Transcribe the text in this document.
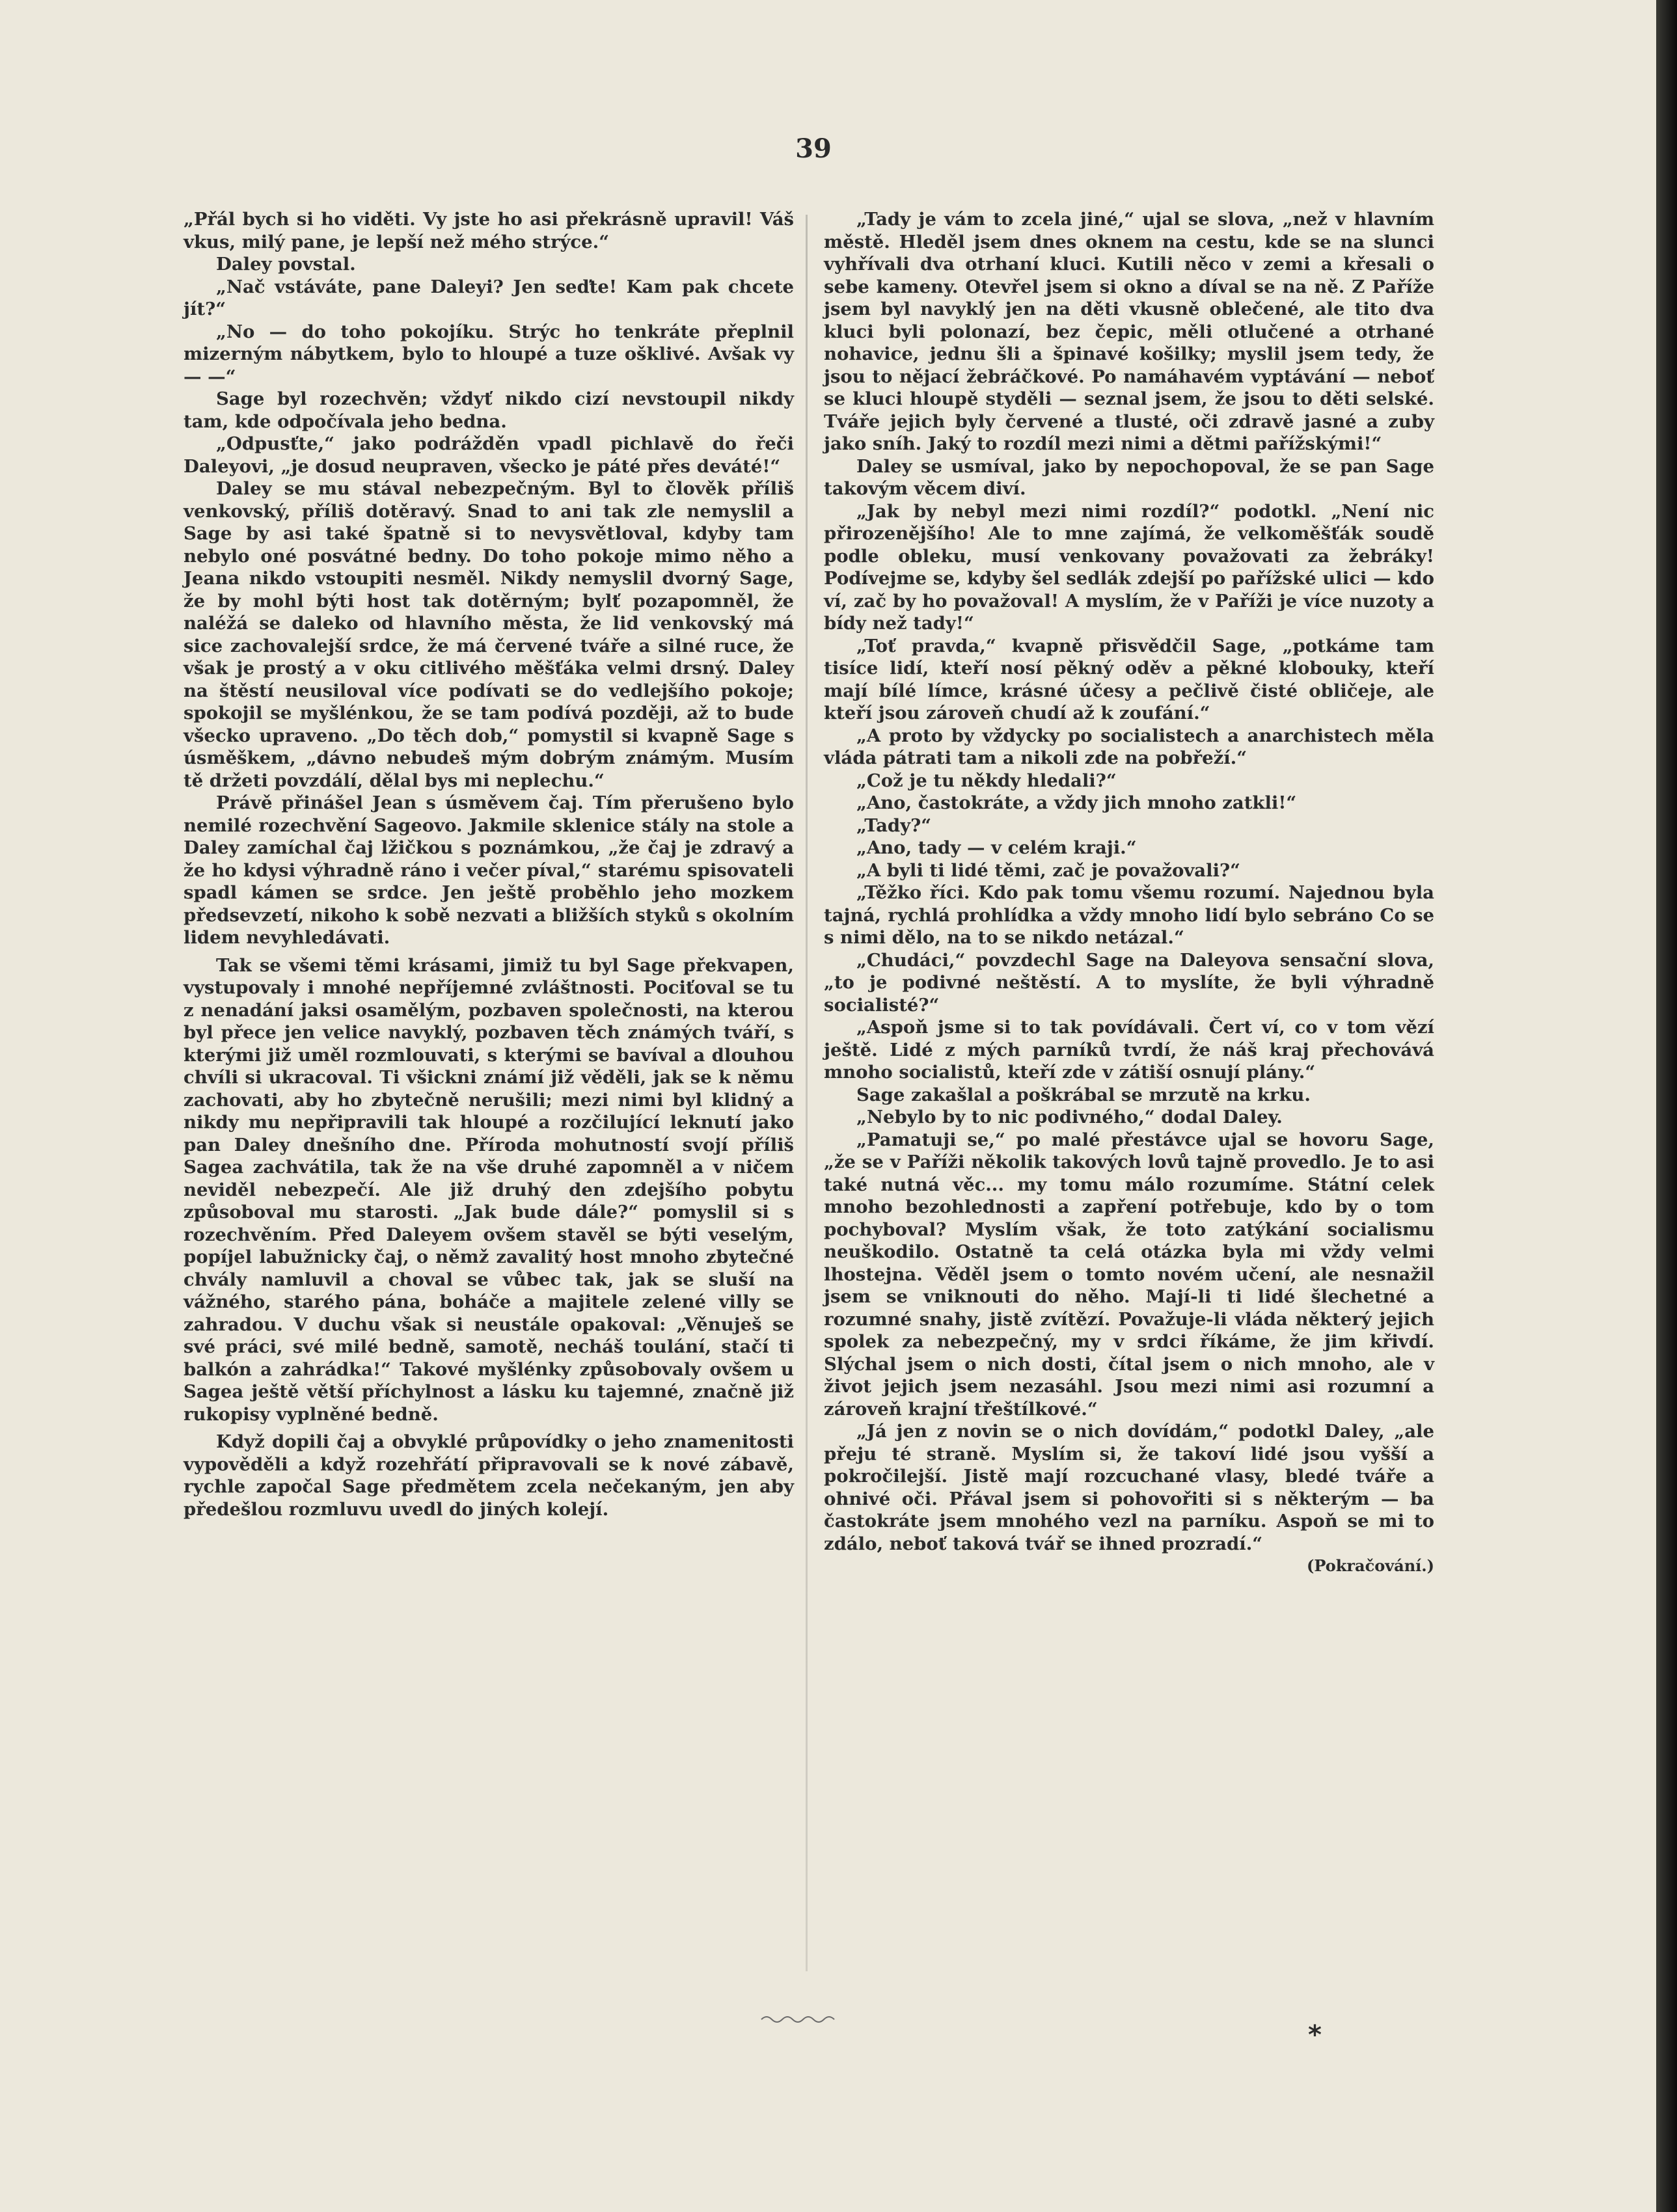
39

„Přál bych si ho viděti. Vy jste ho asi překrásně upravil! Váš vkus, milý pane, je lepší než mého strýce.“

Daley povstal.

„Nač vstáváte, pane Daleyi? Jen seďte! Kam pak chcete jít?“

„No — do toho pokojíku. Strýc ho tenkráte přeplnil mizerným nábytkem, bylo to hloupé a tuze ošklivé. Avšak vy — —“

Sage byl rozechvěn; vždyť nikdo cizí nevstoupil nikdy tam, kde odpočívala jeho bedna.

„Odpusťte,“ jako podrážděn vpadl pichlavě do řeči Daleyovi, „je dosud neupraven, všecko je páté přes deváté!“

Daley se mu stával nebezpečným. Byl to člověk příliš venkovský, příliš dotěravý. Snad to ani tak zle nemyslil a Sage by asi také špatně si to nevysvětloval, kdyby tam nebylo oné posvátné bedny. Do toho pokoje mimo něho a Jeana nikdo vstoupiti nesměl. Nikdy nemyslil dvorný Sage, že by mohl býti host tak dotěrným; bylť pozapomněl, že naléžá se daleko od hlavního města, že lid venkovský má sice zachovalejší srdce, že má červené tváře a silné ruce, že však je prostý a v oku citlivého měšťáka velmi drsný. Daley na štěstí neusiloval více podívati se do vedlejšího pokoje; spokojil se myšlénkou, že se tam podívá později, až to bude všecko upraveno. „Do těch dob,“ pomystil si kvapně Sage s úsměškem, „dávno nebudeš mým dobrým známým. Musím tě držeti povzdálí, dělal bys mi neplechu.“

Právě přinášel Jean s úsměvem čaj. Tím přerušeno bylo nemilé rozechvění Sageovo. Jakmile sklenice stály na stole a Daley zamíchal čaj lžičkou s poznámkou, „že čaj je zdravý a že ho kdysi výhradně ráno i večer píval,“ starému spisovateli spadl kámen se srdce. Jen ještě proběhlo jeho mozkem předsevzetí, nikoho k sobě nezvati a bližších styků s okolním lidem nevyhledávati.

Tak se všemi těmi krásami, jimiž tu byl Sage překvapen, vystupovaly i mnohé nepříjemné zvláštnosti. Pociťoval se tu z nenadání jaksi osamělým, pozbaven společnosti, na kterou byl přece jen velice navyklý, pozbaven těch známých tváří, s kterými již uměl rozmlouvati, s kterými se bavíval a dlouhou chvíli si ukracoval. Ti všickni známí již věděli, jak se k němu zachovati, aby ho zbytečně nerušili; mezi nimi byl klidný a nikdy mu nepřipravili tak hloupé a rozčilující leknutí jako pan Daley dnešního dne. Příroda mohutností svojí příliš Sagea zachvátila, tak že na vše druhé zapomněl a v ničem neviděl nebezpečí. Ale již druhý den zdejšího pobytu způsoboval mu starosti. „Jak bude dále?“ pomyslil si s rozechvěním. Před Daleyem ovšem stavěl se býti veselým, popíjel labužnicky čaj, o němž zavalitý host mnoho zbytečné chvály namluvil a choval se vůbec tak, jak se sluší na vážného, starého pána, boháče a majitele zelené villy se zahradou. V duchu však si neustále opakoval: „Věnuješ se své práci, své milé bedně, samotě, necháš toulání, stačí ti balkón a zahrádka!“ Takové myšlénky způsobovaly ovšem u Sagea ještě větší příchylnost a lásku ku tajemné, značně již rukopisy vyplněné bedně.

Když dopili čaj a obvyklé průpovídky o jeho znamenitosti vypověděli a když rozehřátí připravovali se k nové zábavě, rychle započal Sage předmětem zcela nečekaným, jen aby předešlou rozmluvu uvedl do jiných kolejí.

„Tady je vám to zcela jiné,“ ujal se slova, „než v hlavním městě. Hleděl jsem dnes oknem na cestu, kde se na slunci vyhřívali dva otrhaní kluci. Kutili něco v zemi a křesali o sebe kameny. Otevřel jsem si okno a díval se na ně. Z Paříže jsem byl navyklý jen na děti vkusně oblečené, ale tito dva kluci byli polonazí, bez čepic, měli otlučené a otrhané nohavice, jednu šli a špinavé košilky; myslil jsem tedy, že jsou to nějací žebráčkové. Po namáhavém vyptávání — neboť se kluci hloupě styděli — seznal jsem, že jsou to děti selské. Tváře jejich byly červené a tlusté, oči zdravě jasné a zuby jako sníh. Jaký to rozdíl mezi nimi a dětmi pařížskými!“

Daley se usmíval, jako by nepochopoval, že se pan Sage takovým věcem diví.

„Jak by nebyl mezi nimi rozdíl?“ podotkl. „Není nic přirozenějšího! Ale to mne zajímá, že velkoměšťák soudě podle obleku, musí venkovany považovati za žebráky! Podívejme se, kdyby šel sedlák zdejší po pařížské ulici — kdo ví, zač by ho považoval! A myslím, že v Paříži je více nuzoty a bídy než tady!“

„Toť pravda,“ kvapně přisvědčil Sage, „potkáme tam tisíce lidí, kteří nosí pěkný oděv a pěkné klobouky, kteří mají bílé límce, krásné účesy a pečlivě čisté obličeje, ale kteří jsou zároveň chudí až k zoufání.“

„A proto by vždycky po socialistech a anarchistech měla vláda pátrati tam a nikoli zde na pobřeží.“

„Což je tu někdy hledali?“

„Ano, častokráte, a vždy jich mnoho zatkli!“

„Tady?“

„Ano, tady — v celém kraji.“

„A byli ti lidé těmi, zač je považovali?“

„Těžko říci. Kdo pak tomu všemu rozumí. Najednou byla tajná, rychlá prohlídka a vždy mnoho lidí bylo sebráno Co se s nimi dělo, na to se nikdo netázal.“

„Chudáci,“ povzdechl Sage na Daleyova sensační slova, „to je podivné neštěstí. A to myslíte, že byli výhradně socialisté?“

„Aspoň jsme si to tak povídávali. Čert ví, co v tom vězí ještě. Lidé z mých parníků tvrdí, že náš kraj přechovává mnoho socialistů, kteří zde v zátiší osnují plány.“

Sage zakašlal a poškrábal se mrzutě na krku.

„Nebylo by to nic podivného,“ dodal Daley.

„Pamatuji se,“ po malé přestávce ujal se hovoru Sage, „že se v Paříži několik takových lovů tajně provedlo. Je to asi také nutná věc... my tomu málo rozumíme. Státní celek mnoho bezohlednosti a zapření potřebuje, kdo by o tom pochyboval? Myslím však, že toto zatýkání socialismu neuškodilo. Ostatně ta celá otázka byla mi vždy velmi lhostejna. Věděl jsem o tomto novém učení, ale nesnažil jsem se vniknouti do něho. Mají-li ti lidé šlechetné a rozumné snahy, jistě zvítězí. Považuje-li vláda některý jejich spolek za nebezpečný, my v srdci říkáme, že jim křivdí. Slýchal jsem o nich dosti, čítal jsem o nich mnoho, ale v život jejich jsem nezasáhl. Jsou mezi nimi asi rozumní a zároveň krajní třeštílkové.“

„Já jen z novin se o nich dovídám,“ podotkl Daley, „ale přeju té straně. Myslím si, že takoví lidé jsou vyšší a pokročilejší. Jistě mají rozcuchané vlasy, bledé tváře a ohnivé oči. Přával jsem si pohovořiti si s některým — ba častokráte jsem mnohého vezl na parníku. Aspoň se mi to zdálo, neboť taková tvář se ihned prozradí.“

(Pokračování.)

*
